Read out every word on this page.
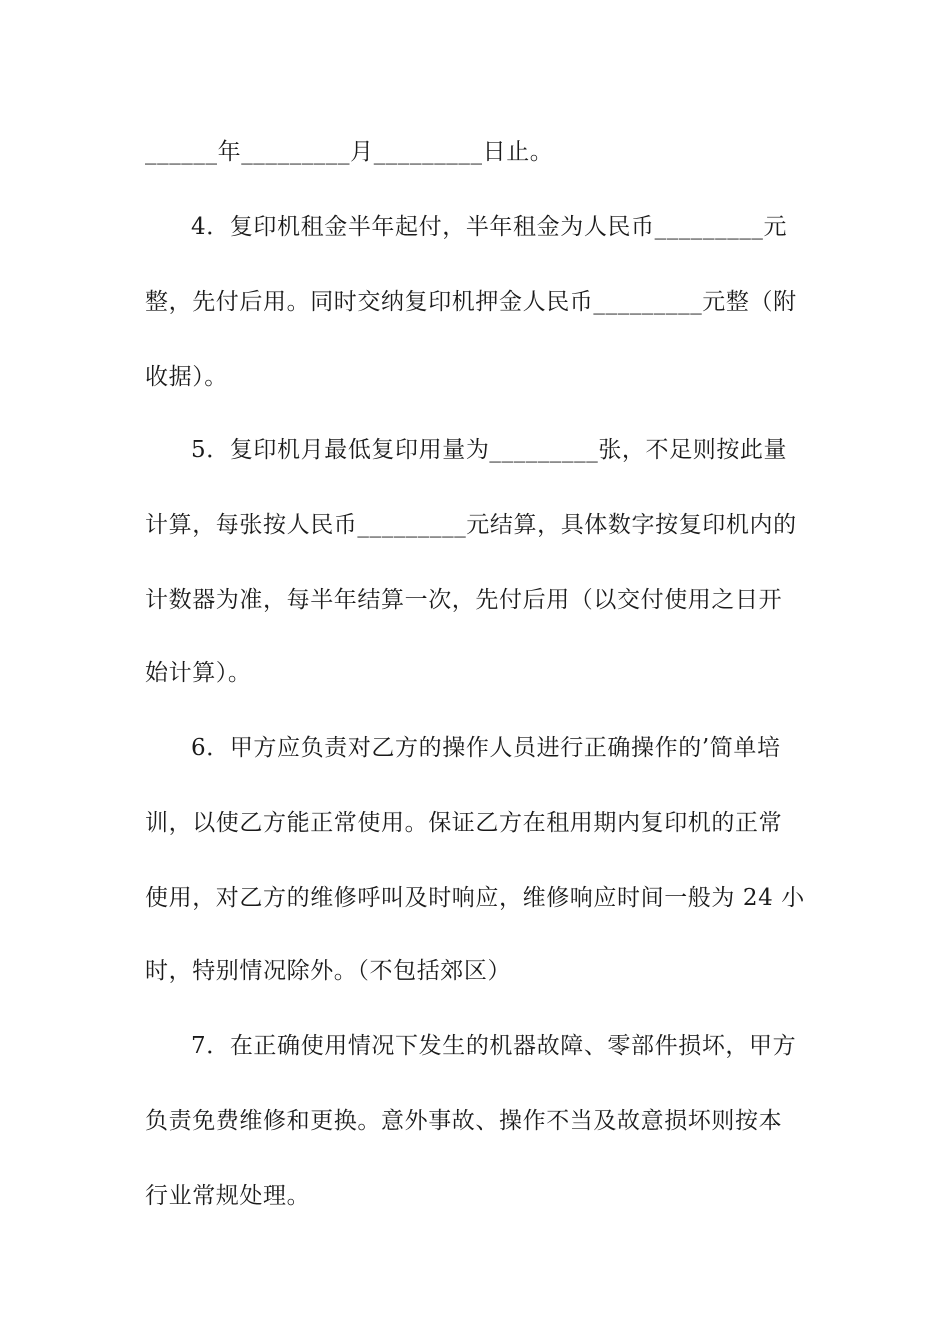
______年_________月_________日止。
4．复印机租金半年起付，半年租金为人民币_________元
整，先付后用。同时交纳复印机押金人民币_________元整（附
收据）。
5．复印机月最低复印用量为_________张，不足则按此量
计算，每张按人民币_________元结算，具体数字按复印机内的
计数器为准，每半年结算一次，先付后用（以交付使用之日开
始计算）。
6．甲方应负责对乙方的操作人员进行正确操作的’简单培
训，以使乙方能正常使用。保证乙方在租用期内复印机的正常
使用，对乙方的维修呼叫及时响应，维修响应时间一般为 24 小
时，特别情况除外。（不包括郊区）
7．在正确使用情况下发生的机器故障、零部件损坏，甲方
负责免费维修和更换。意外事故、操作不当及故意损坏则按本
行业常规处理。
